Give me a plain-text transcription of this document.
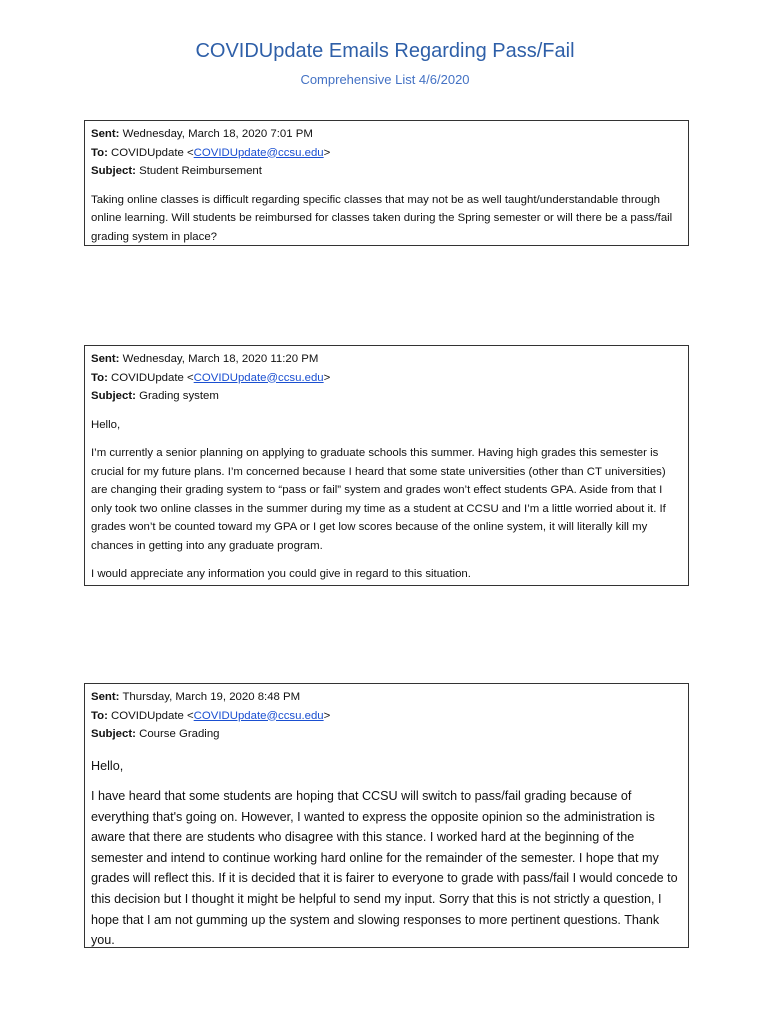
COVIDUpdate Emails Regarding Pass/Fail
Comprehensive List 4/6/2020

Sent: Wednesday, March 18, 2020 7:01 PM

To: COVIDUpdate <COVIDUpdate@ccsu.edu>

Subject: Student Reimbursement

Taking online classes is difficult regarding specific classes that may not be as well taught/understandable through online learning. Will students be reimbursed for classes taken during the Spring semester or will there be a pass/fail grading system in place?

Sent: Wednesday, March 18, 2020 11:20 PM

To: COVIDUpdate <COVIDUpdate@ccsu.edu>

Subject: Grading system

Hello,

I’m currently a senior planning on applying to graduate schools this summer. Having high grades this semester is crucial for my future plans. I’m concerned because I heard that some state universities (other than CT universities) are changing their grading system to “pass or fail” system and grades won’t effect students GPA. Aside from that I only took two online classes in the summer during my time as a student at CCSU and I’m a little worried about it. If grades won’t be counted toward my GPA or I get low scores because of the online system, it will literally kill my chances in getting into any graduate program.

I would appreciate any information you could give in regard to this situation.

Sent: Thursday, March 19, 2020 8:48 PM

To: COVIDUpdate <COVIDUpdate@ccsu.edu>

Subject: Course Grading

Hello,

I have heard that some students are hoping that CCSU will switch to pass/fail grading because of everything that's going on. However, I wanted to express the opposite opinion so the administration is aware that there are students who disagree with this stance. I worked hard at the beginning of the semester and intend to continue working hard online for the remainder of the semester. I hope that my grades will reflect this. If it is decided that it is fairer to everyone to grade with pass/fail I would concede to this decision but I thought it might be helpful to send my input. Sorry that this is not strictly a question, I hope that I am not gumming up the system and slowing responses to more pertinent questions. Thank you.
